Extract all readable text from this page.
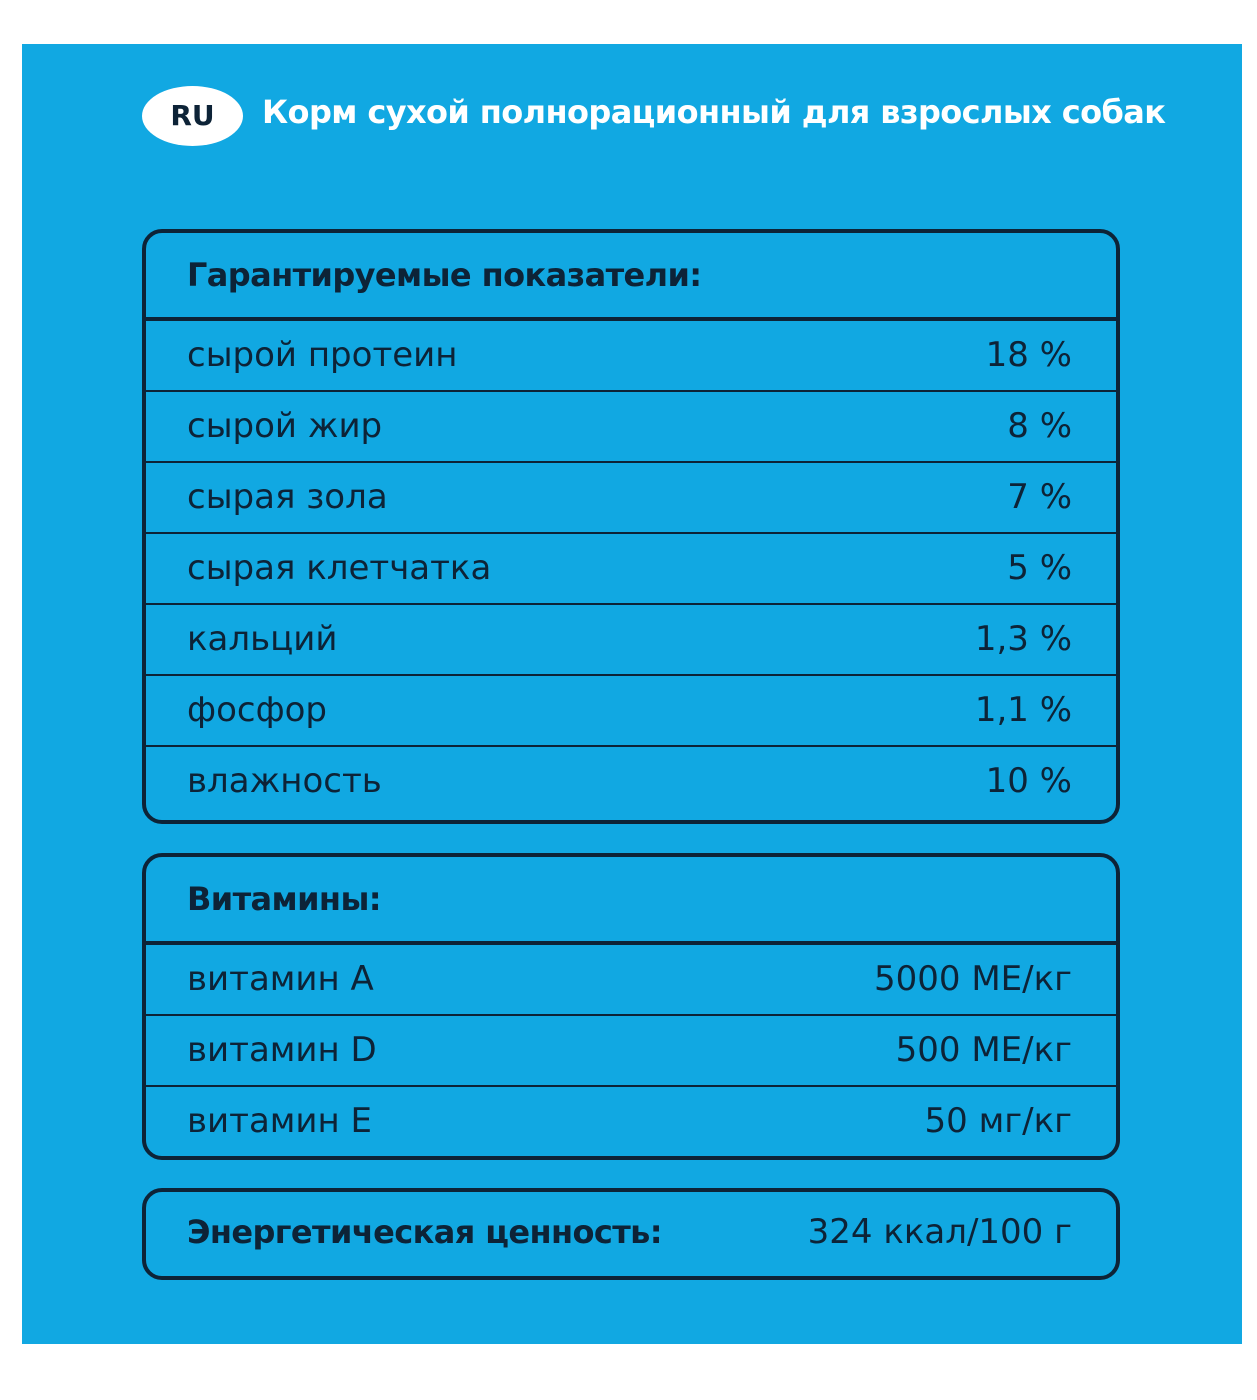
RU	Корм сухой полнорационный для взрослых собак
Гарантируемые показатели:
сырой протеин	18 %
сырой жир	8 %
сырая зола	7 %
сырая клетчатка	5 %
кальций	1,3 %
фосфор	1,1 %
влажность	10 %
Витамины:
витамин A	5000 МЕ/кг
витамин D	500 МЕ/кг
витамин E	50 мг/кг
Энергетическая ценность:	324 ккал/100 г
